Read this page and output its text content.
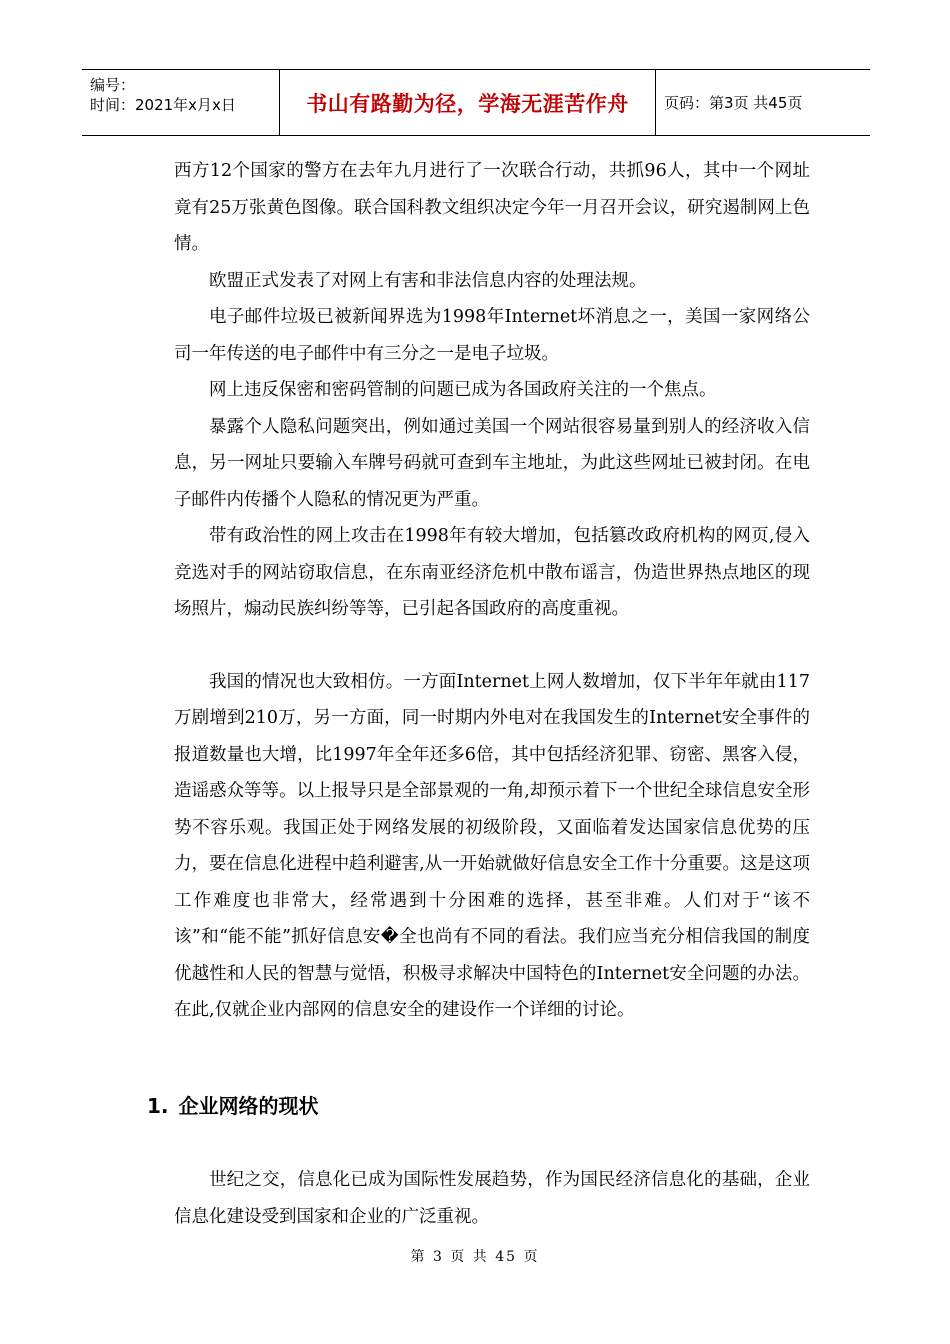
编号：
时间：2021年x月x日	书山有路勤为径，学海无涯苦作舟	页码：第3页 共45页

西方12个国家的警方在去年九月进行了一次联合行动，共抓96人，其中一个网址竟有25万张黄色图像。联合国科教文组织决定今年一月召开会议，研究遏制网上色情。

欧盟正式发表了对网上有害和非法信息内容的处理法规。

电子邮件垃圾已被新闻界选为1998年Internet坏消息之一，美国一家网络公司一年传送的电子邮件中有三分之一是电子垃圾。

网上违反保密和密码管制的问题已成为各国政府关注的一个焦点。

暴露个人隐私问题突出，例如通过美国一个网站很容易量到别人的经济收入信息，另一网址只要输入车牌号码就可查到车主地址，为此这些网址已被封闭。在电子邮件内传播个人隐私的情况更为严重。

带有政治性的网上攻击在1998年有较大增加，包括篡改政府机构的网页,侵入竞选对手的网站窃取信息，在东南亚经济危机中散布谣言，伪造世界热点地区的现场照片，煽动民族纠纷等等，已引起各国政府的高度重视。

我国的情况也大致相仿。一方面Internet上网人数增加，仅下半年年就由117万剧增到210万，另一方面，同一时期内外电对在我国发生的Internet安全事件的报道数量也大增，比1997年全年还多6倍，其中包括经济犯罪、窃密、黑客入侵，造谣惑众等等。以上报导只是全部景观的一角,却预示着下一个世纪全球信息安全形势不容乐观。我国正处于网络发展的初级阶段，又面临着发达国家信息优势的压力，要在信息化进程中趋利避害,从一开始就做好信息安全工作十分重要。这是这项工作难度也非常大，经常遇到十分困难的选择，甚至非难。人们对于“该不该”和“能不能”抓好信息安�全也尚有不同的看法。我们应当充分相信我国的制度优越性和人民的智慧与觉悟，积极寻求解决中国特色的Internet安全问题的办法。在此,仅就企业内部网的信息安全的建设作一个详细的讨论。

1. 企业网络的现状

世纪之交，信息化已成为国际性发展趋势，作为国民经济信息化的基础，企业信息化建设受到国家和企业的广泛重视。

第 3 页 共 45 页
